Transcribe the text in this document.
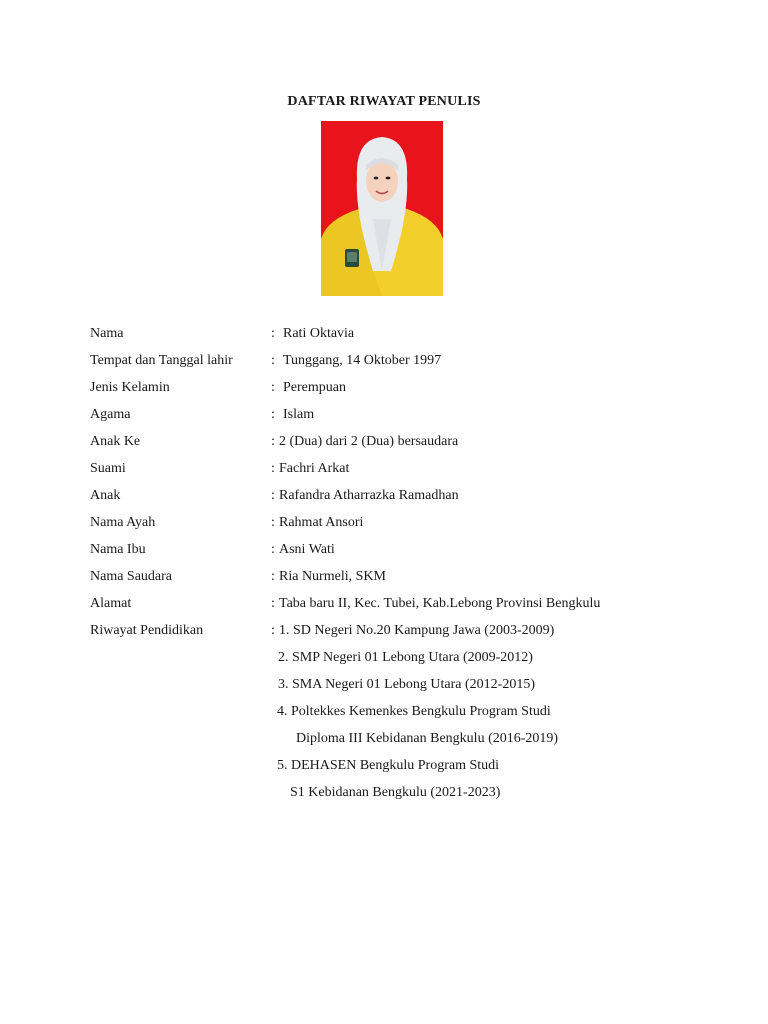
DAFTAR RIWAYAT PENULIS
Nama	: Rati Oktavia
Tempat dan Tanggal lahir	: Tunggang, 14 Oktober 1997
Jenis Kelamin	: Perempuan
Agama	: Islam
Anak Ke	: 2 (Dua) dari 2 (Dua) bersaudara
Suami	: Fachri Arkat
Anak	: Rafandra Atharrazka Ramadhan
Nama Ayah	: Rahmat Ansori
Nama Ibu	: Asni Wati
Nama Saudara	: Ria Nurmeli, SKM
Alamat	: Taba baru II, Kec. Tubei, Kab.Lebong Provinsi Bengkulu
Riwayat Pendidikan	: 1. SD Negeri No.20 Kampung Jawa (2003-2009)
2. SMP Negeri 01 Lebong Utara (2009-2012)
3. SMA Negeri 01 Lebong Utara (2012-2015)
4. Poltekkes Kemenkes Bengkulu Program Studi
Diploma III Kebidanan Bengkulu (2016-2019)
5. DEHASEN Bengkulu Program Studi
S1 Kebidanan Bengkulu (2021-2023)
